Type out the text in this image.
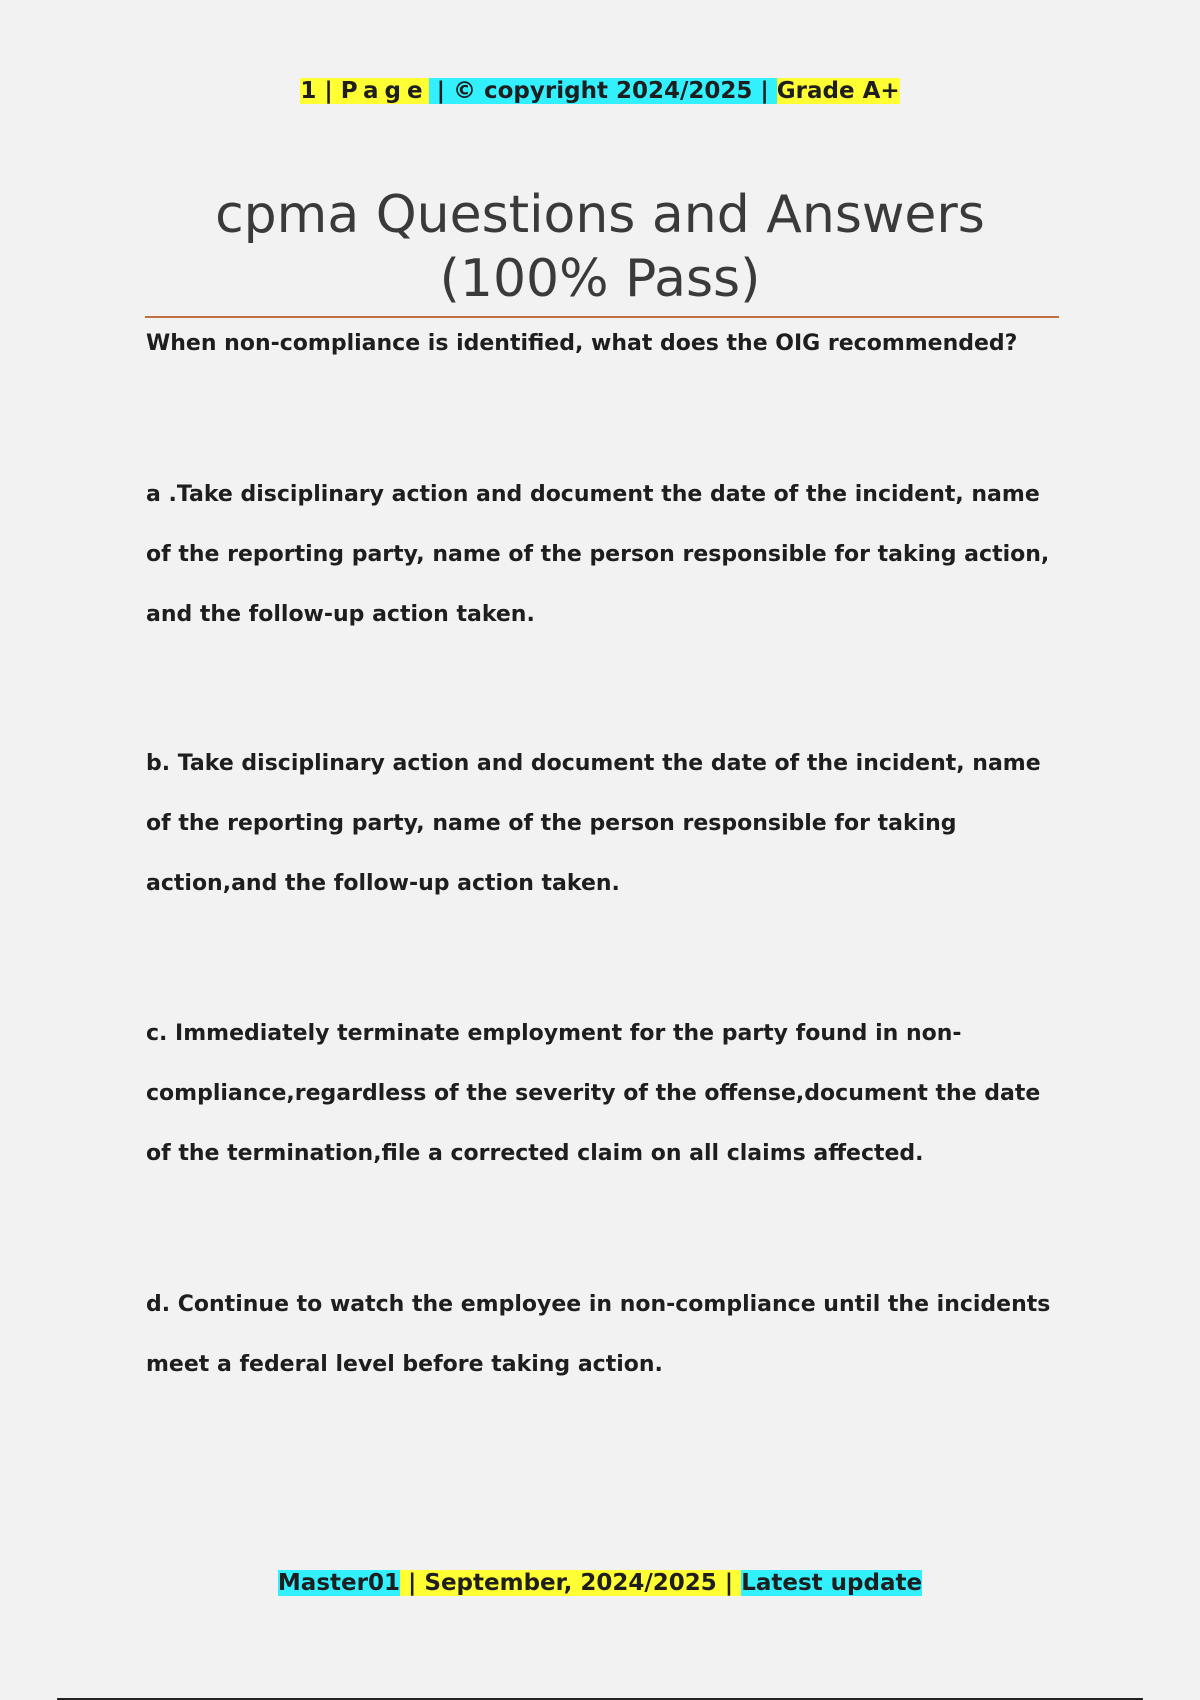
1 | Page | © copyright 2024/2025 | Grade A+
cpma Questions and Answers
(100% Pass)

When non-compliance is identified, what does the OIG recommended?

a .Take disciplinary action and document the date of the incident, name of the reporting party, name of the person responsible for taking action, and the follow-up action taken.

b. Take disciplinary action and document the date of the incident, name of the reporting party, name of the person responsible for taking action,and the follow-up action taken.

c. Immediately terminate employment for the party found in non-compliance,regardless of the severity of the offense,document the date of the termination,file a corrected claim on all claims affected.

d. Continue to watch the employee in non-compliance until the incidents meet a federal level before taking action.

Master01 | September, 2024/2025 | Latest update
